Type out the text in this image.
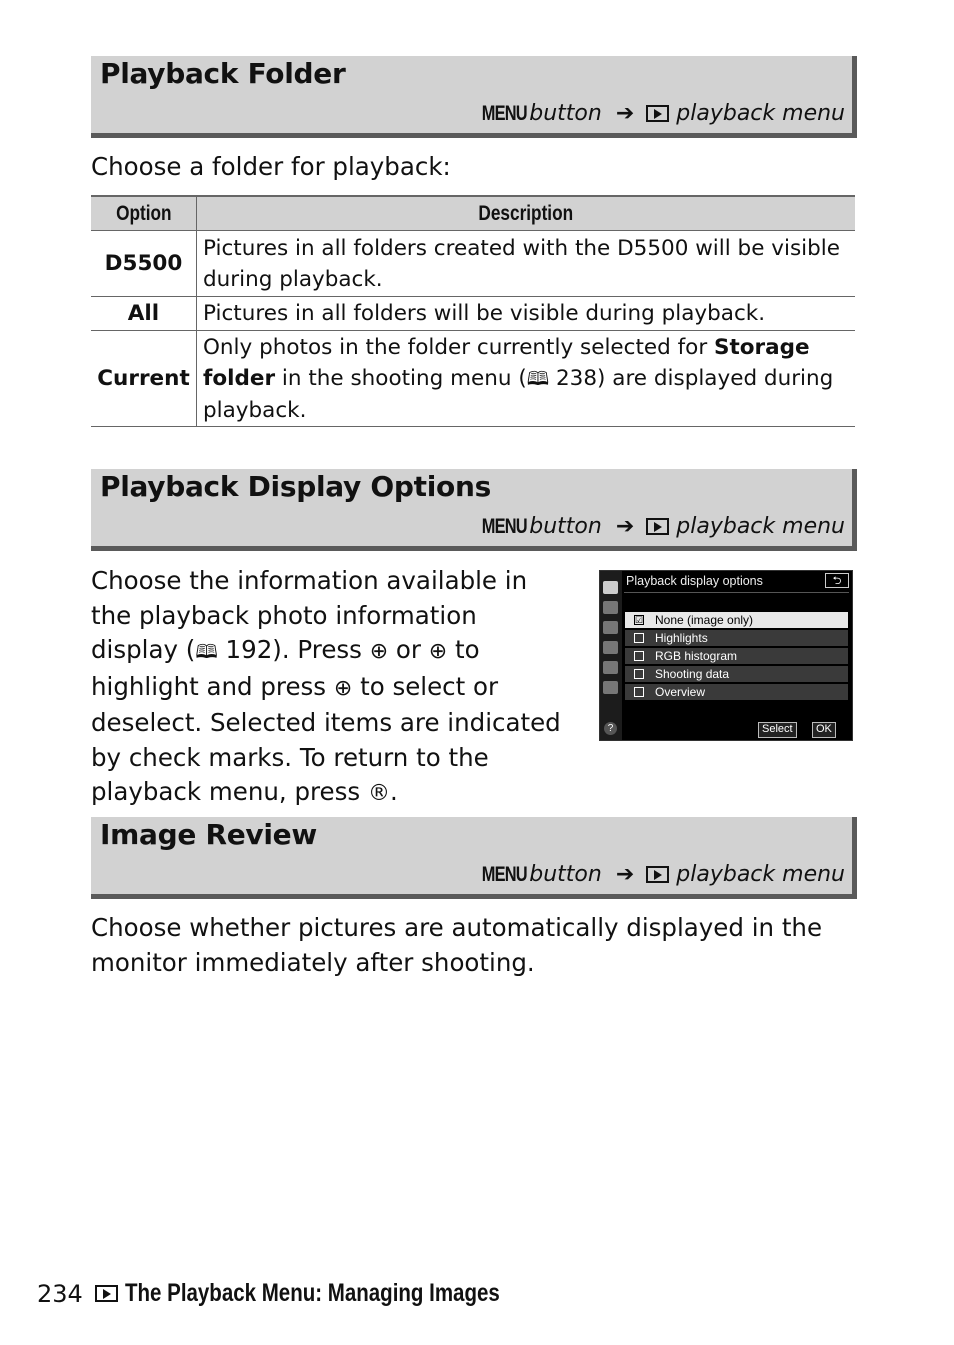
Playback Folder
MENU button ➔ playback menu
Choose a folder for playback:
Option	Description
D5500	Pictures in all folders created with the D5500 will be visible during playback.
All	Pictures in all folders will be visible during playback.
Current	Only photos in the folder currently selected for Storage folder in the shooting menu (🕮 238) are displayed during playback.
Playback Display Options
MENU button ➔ playback menu
Choose the information available in the playback photo information display (🕮 192). Press ⊕ or ⊕ to highlight and press ⊕ to select or deselect. Selected items are indicated by check marks. To return to the playback menu, press ®.
?
Playback display options	⮌
☑ None (image only)
Highlights
RGB histogram
Shooting data
Overview
Select	OK
Image Review
MENU button ➔ playback menu
Choose whether pictures are automatically displayed in the monitor immediately after shooting.
234 The Playback Menu: Managing Images
